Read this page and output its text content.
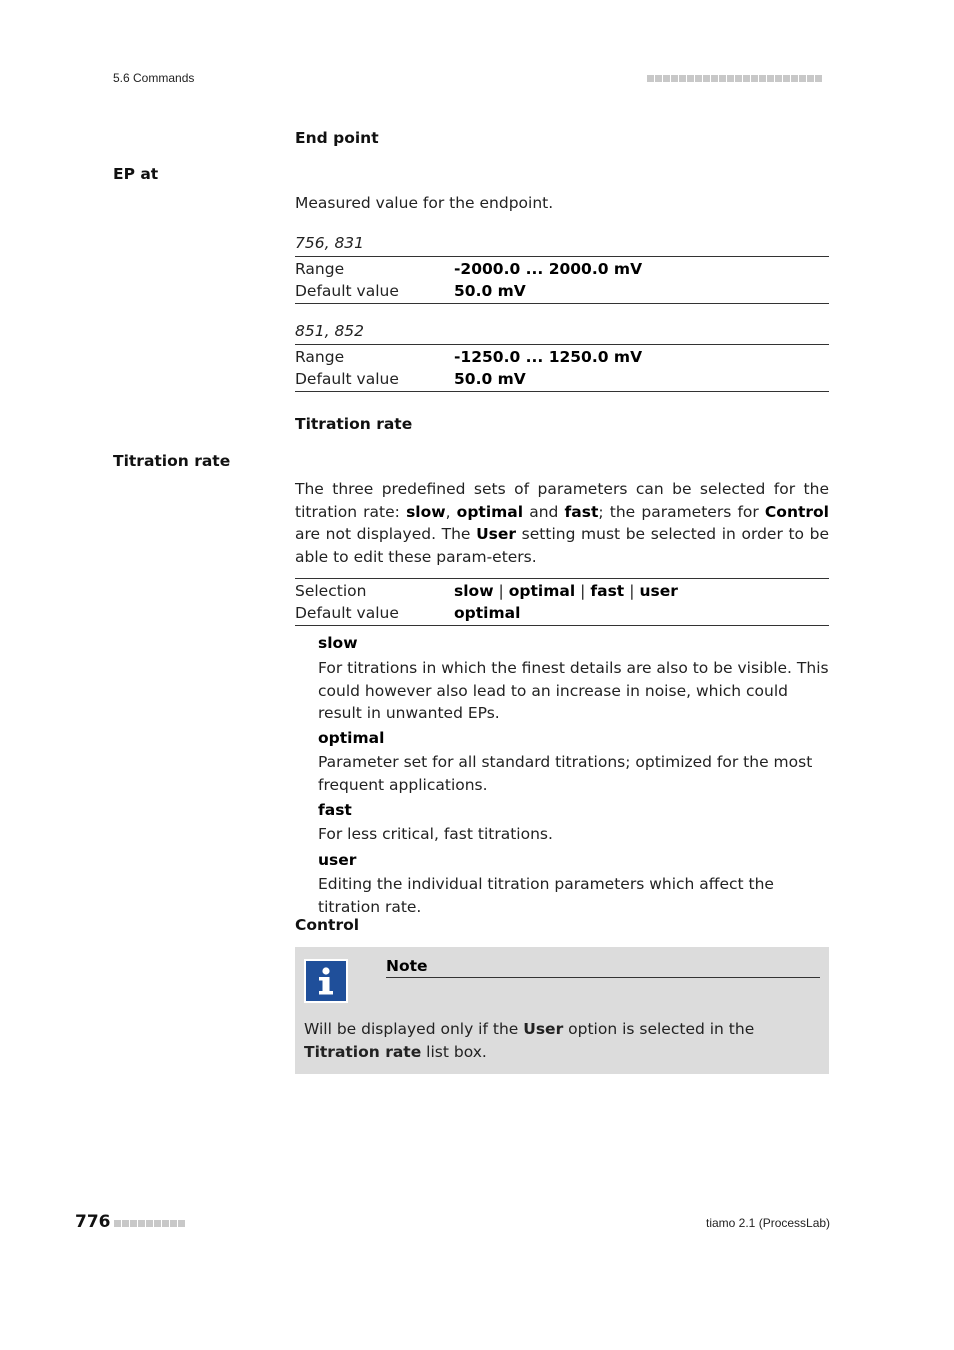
5.6 Commands
End point
EP at
Measured value for the endpoint.
756, 831
Range	-2000.0 ... 2000.0 mV
Default value	50.0 mV
851, 852
Range	-1250.0 ... 1250.0 mV
Default value	50.0 mV
Titration rate
Titration rate
The three predefined sets of parameters can be selected for the titration rate: slow, optimal and fast; the parameters for Control are not displayed. The User setting must be selected in order to be able to edit these param-eters.
Selection	slow | optimal | fast | user
Default value	optimal
slow
For titrations in which the finest details are also to be visible. This could however also lead to an increase in noise, which could result in unwanted EPs.
optimal
Parameter set for all standard titrations; optimized for the most frequent applications.
fast
For less critical, fast titrations.
user
Editing the individual titration parameters which affect the titration rate.
Control
Note
Will be displayed only if the User option is selected in the Titration rate list box.
776	tiamo 2.1 (ProcessLab)
